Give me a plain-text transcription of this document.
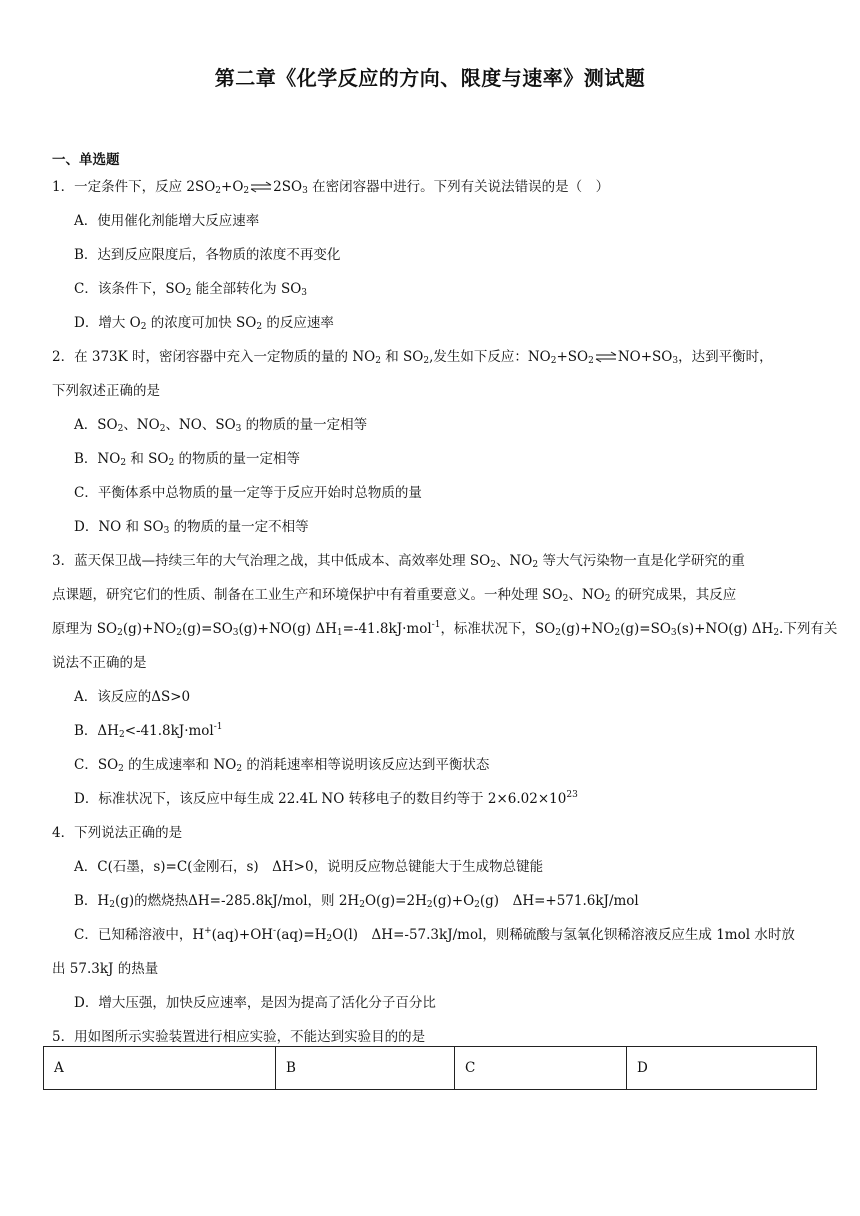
第二章《化学反应的方向、限度与速率》测试题
一、单选题
1．一定条件下，反应 $2SO_2+O_2\rightleftharpoons 2SO_3$ 在密闭容器中进行。下列有关说法错误的是（　）
A．使用催化剂能增大反应速率
B．达到反应限度后，各物质的浓度不再变化
C．该条件下，$SO_2$ 能全部转化为 $SO_3$
D．增大 $O_2$ 的浓度可加快 $SO_2$ 的反应速率
2．在 373K 时，密闭容器中充入一定物质的量的 $NO_2$ 和 $SO_2$,发生如下反应：$NO_2+SO_2\rightleftharpoons NO+SO_3$，达到平衡时，
下列叙述正确的是
A．$SO_2$、$NO_2$、NO、$SO_3$ 的物质的量一定相等
B．$NO_2$ 和 $SO_2$ 的物质的量一定相等
C．平衡体系中总物质的量一定等于反应开始时总物质的量
D．NO 和 $SO_3$ 的物质的量一定不相等
3．蓝天保卫战—持续三年的大气治理之战，其中低成本、高效率处理 $SO_2$、$NO_2$ 等大气污染物一直是化学研究的重
点课题，研究它们的性质、制备在工业生产和环境保护中有着重要意义。一种处理 $SO_2$、$NO_2$ 的研究成果，其反应
原理为 $SO_2(g)+NO_2(g)=SO_3(g)+NO(g)$ $\Delta H_1=-41.8kJ\cdot mol^{-1}$，标准状况下，$SO_2(g)+NO_2(g)=SO_3(s)+NO(g)$ $\Delta H_2$.下列有关
说法不正确的是
A．该反应的ΔS>0
B．$\Delta H_2<-41.8kJ\cdot mol^{-1}$
C．$SO_2$ 的生成速率和 $NO_2$ 的消耗速率相等说明该反应达到平衡状态
D．标准状况下，该反应中每生成 22.4L NO 转移电子的数目约等于 $2\times 6.02\times 10^{23}$
4．下列说法正确的是
A．C(石墨，s)=C(金刚石，s)　ΔH>0，说明反应物总键能大于生成物总键能
B．$H_2(g)$的燃烧热ΔH=-285.8kJ/mol，则 $2H_2O(g)=2H_2(g)+O_2(g)$　ΔH=+571.6kJ/mol
C．已知稀溶液中，$H^+(aq)+OH^-(aq)=H_2O(l)$　ΔH=-57.3kJ/mol，则稀硫酸与氢氧化钡稀溶液反应生成 1mol 水时放
出 57.3kJ 的热量
D．增大压强，加快反应速率，是因为提高了活化分子百分比
5．用如图所示实验装置进行相应实验，不能达到实验目的的是
A	B	C	D
